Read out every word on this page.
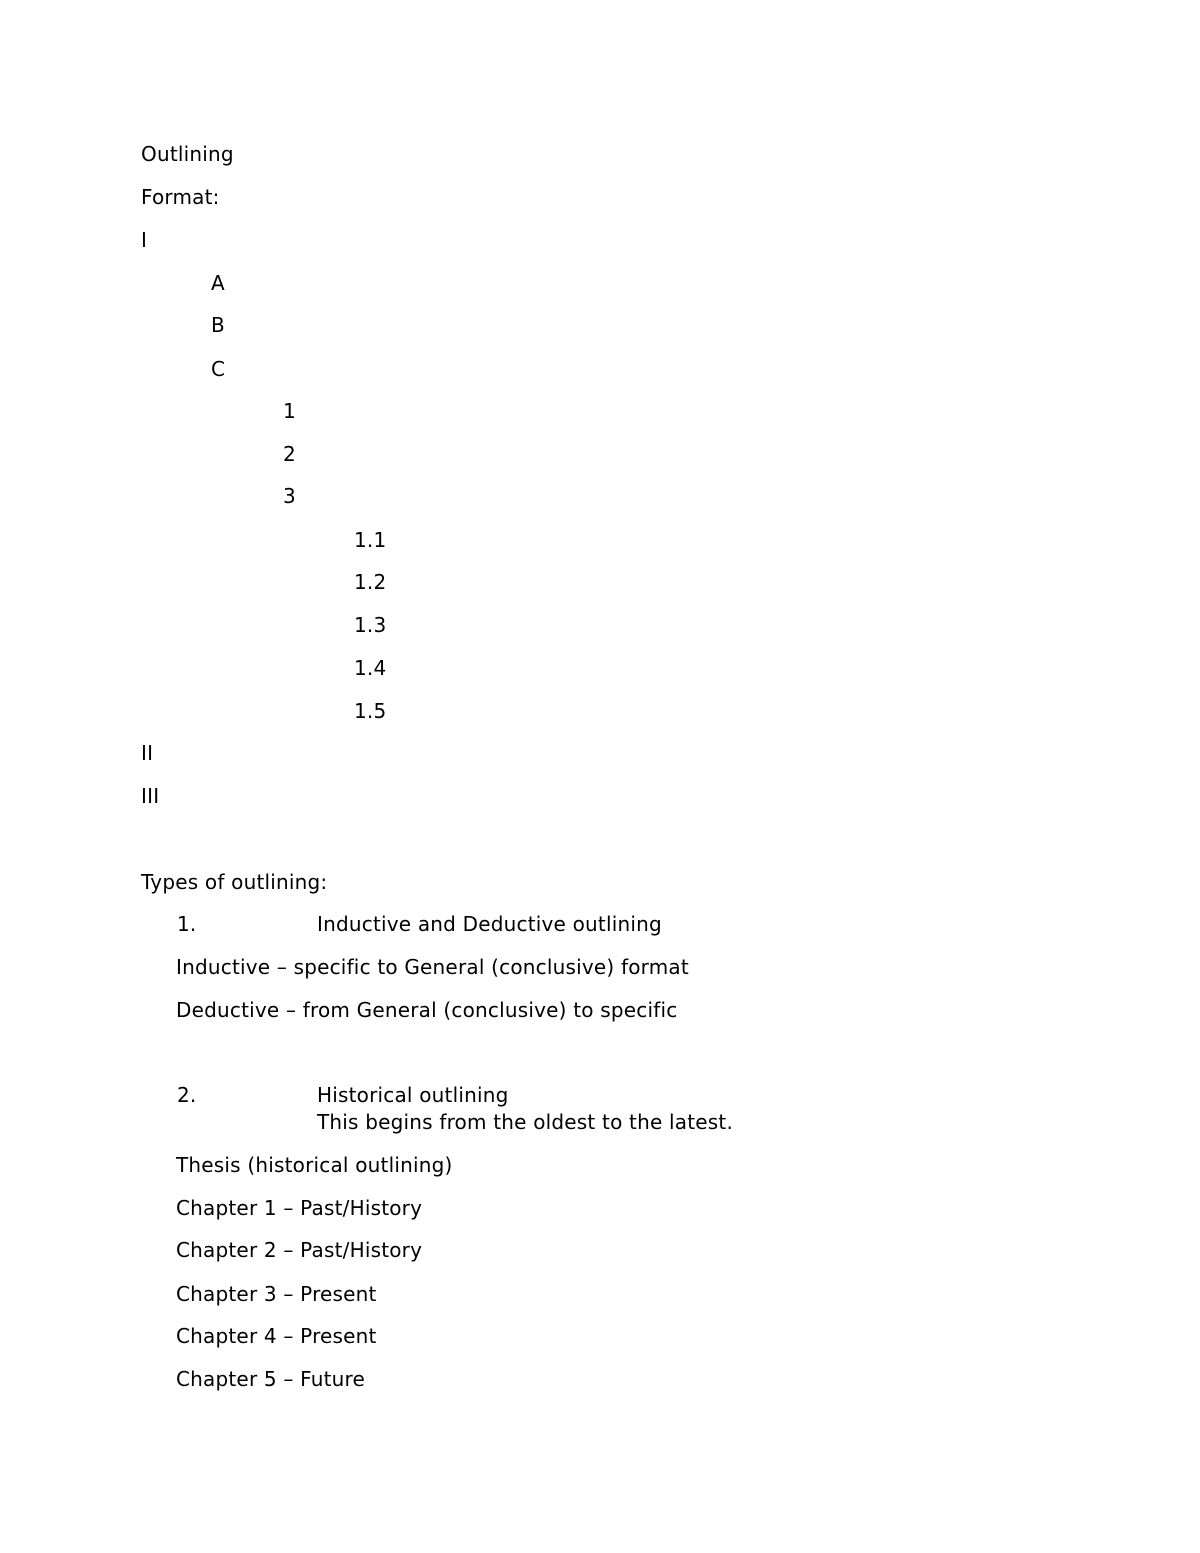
Outlining
Format:
I
A
B
C
1
2
3
1.1
1.2
1.3
1.4
1.5
II
III
Types of outlining:
1.	Inductive and Deductive outlining
Inductive – specific to General (conclusive) format
Deductive – from General (conclusive) to specific
2.	Historical outlining
This begins from the oldest to the latest.
Thesis (historical outlining)
Chapter 1 – Past/History
Chapter 2 – Past/History
Chapter 3 – Present
Chapter 4 – Present
Chapter 5 – Future
